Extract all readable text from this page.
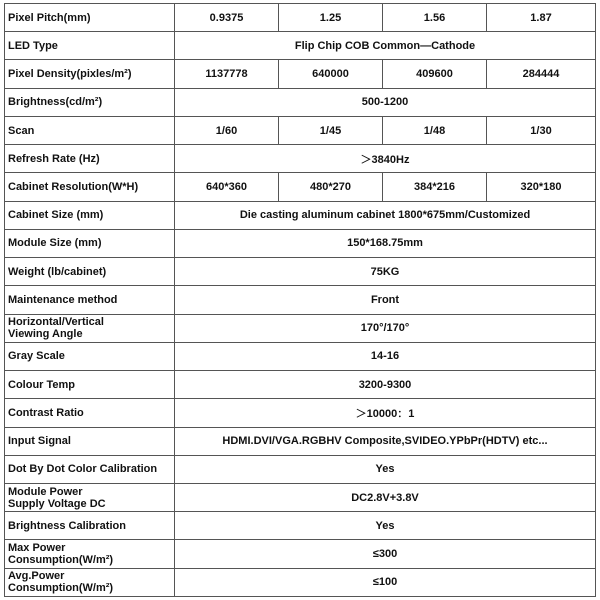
Pixel Pitch(mm)	0.9375	1.25	1.56	1.87
LED Type	Flip Chip COB Common—Cathode			
Pixel Density(pixles/m²)	1137778	640000	409600	284444
Brightness(cd/m²)	500-1200			
Scan	1/60	1/45	1/48	1/30
Refresh Rate (Hz)	＞3840Hz			
Cabinet Resolution(W*H)	640*360	480*270	384*216	320*180
Cabinet Size (mm)	Die casting aluminum cabinet 1800*675mm/Customized			
Module Size (mm)	150*168.75mm			
Weight (lb/cabinet)	75KG			
Maintenance method	Front			
Horizontal/Vertical
Viewing Angle	170°/170°			
Gray Scale	14-16			
Colour Temp	3200-9300			
Contrast Ratio	＞10000：1			
Input Signal	HDMI.DVI/VGA.RGBHV Composite,SVIDEO.YPbPr(HDTV) etc...			
Dot By Dot Color Calibration	Yes			
Module Power
Supply Voltage DC	DC2.8V+3.8V			
Brightness Calibration	Yes			
Max Power
Consumption(W/m²)	≤300			
Avg.Power
Consumption(W/m²)	≤100			
